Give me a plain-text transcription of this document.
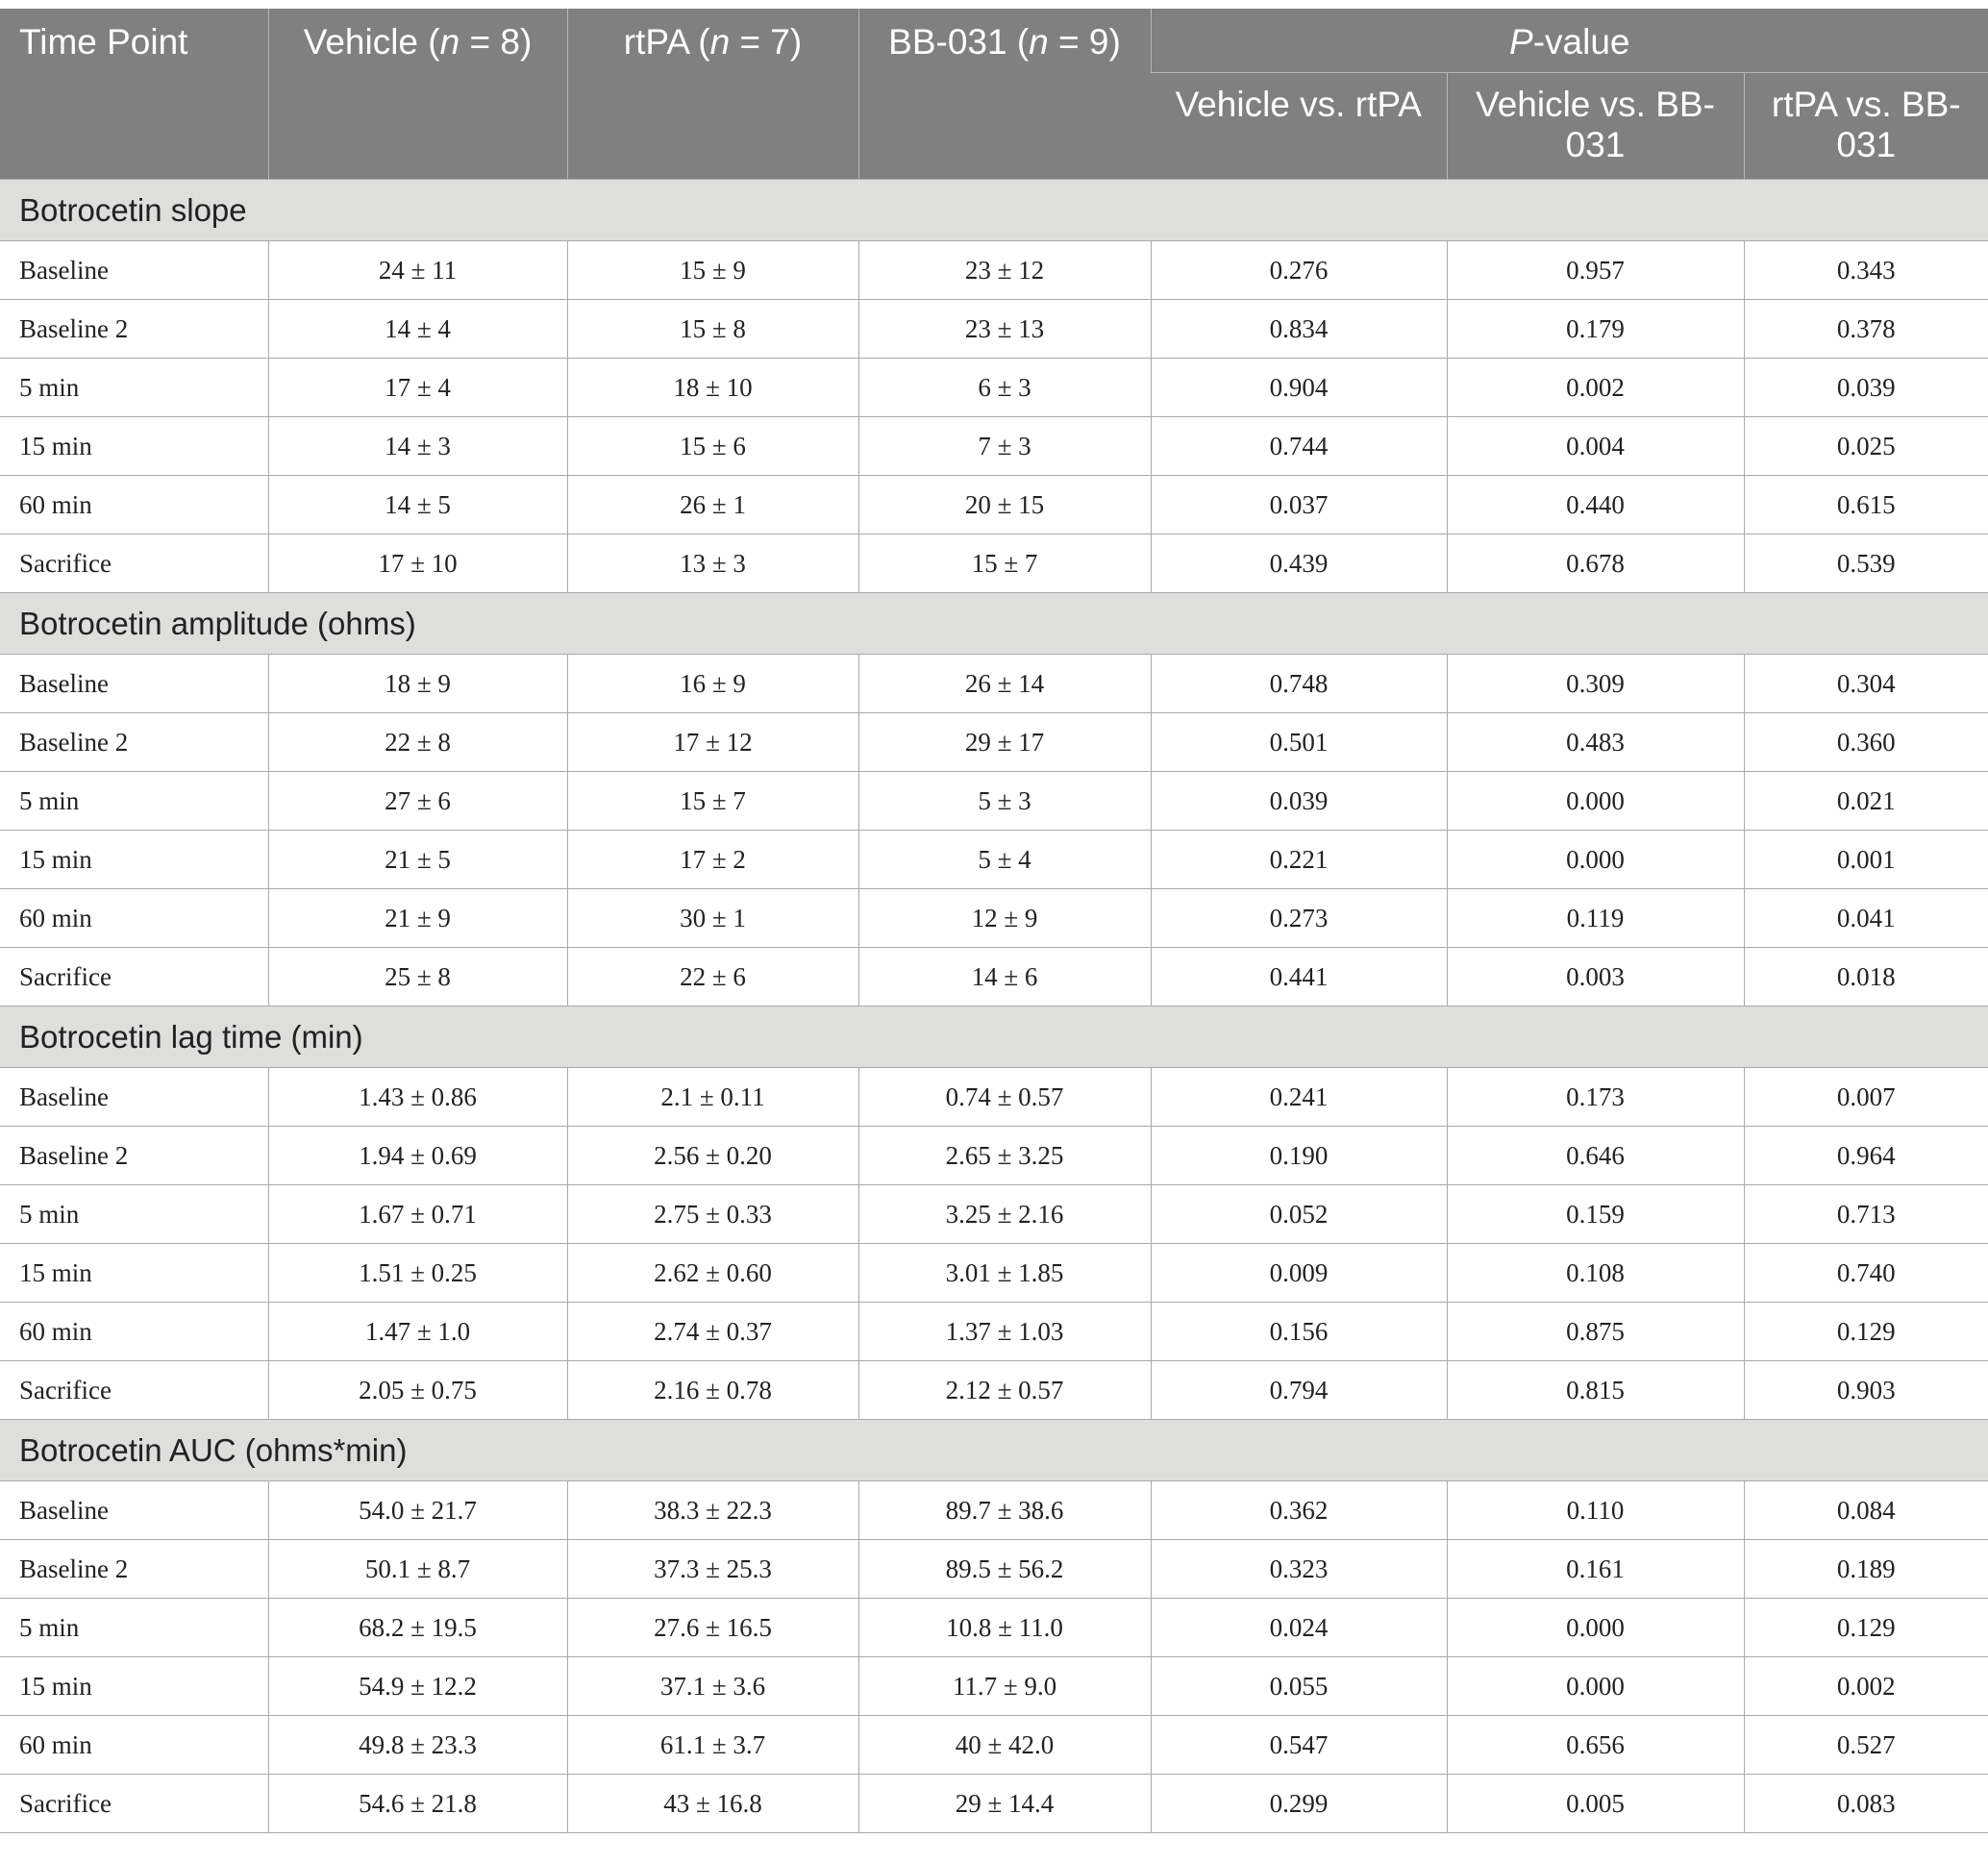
Time Point	Vehicle (n = 8)	rtPA (n = 7)	BB-031 (n = 9)	P-value		
				Vehicle vs. rtPA	Vehicle vs. BB-031	rtPA vs. BB-031
Botrocetin slope						
Baseline	24 ± 11	15 ± 9	23 ± 12	0.276	0.957	0.343
Baseline 2	14 ± 4	15 ± 8	23 ± 13	0.834	0.179	0.378
5 min	17 ± 4	18 ± 10	6 ± 3	0.904	0.002	0.039
15 min	14 ± 3	15 ± 6	7 ± 3	0.744	0.004	0.025
60 min	14 ± 5	26 ± 1	20 ± 15	0.037	0.440	0.615
Sacrifice	17 ± 10	13 ± 3	15 ± 7	0.439	0.678	0.539
Botrocetin amplitude (ohms)						
Baseline	18 ± 9	16 ± 9	26 ± 14	0.748	0.309	0.304
Baseline 2	22 ± 8	17 ± 12	29 ± 17	0.501	0.483	0.360
5 min	27 ± 6	15 ± 7	5 ± 3	0.039	0.000	0.021
15 min	21 ± 5	17 ± 2	5 ± 4	0.221	0.000	0.001
60 min	21 ± 9	30 ± 1	12 ± 9	0.273	0.119	0.041
Sacrifice	25 ± 8	22 ± 6	14 ± 6	0.441	0.003	0.018
Botrocetin lag time (min)						
Baseline	1.43 ± 0.86	2.1 ± 0.11	0.74 ± 0.57	0.241	0.173	0.007
Baseline 2	1.94 ± 0.69	2.56 ± 0.20	2.65 ± 3.25	0.190	0.646	0.964
5 min	1.67 ± 0.71	2.75 ± 0.33	3.25 ± 2.16	0.052	0.159	0.713
15 min	1.51 ± 0.25	2.62 ± 0.60	3.01 ± 1.85	0.009	0.108	0.740
60 min	1.47 ± 1.0	2.74 ± 0.37	1.37 ± 1.03	0.156	0.875	0.129
Sacrifice	2.05 ± 0.75	2.16 ± 0.78	2.12 ± 0.57	0.794	0.815	0.903
Botrocetin AUC (ohms*min)						
Baseline	54.0 ± 21.7	38.3 ± 22.3	89.7 ± 38.6	0.362	0.110	0.084
Baseline 2	50.1 ± 8.7	37.3 ± 25.3	89.5 ± 56.2	0.323	0.161	0.189
5 min	68.2 ± 19.5	27.6 ± 16.5	10.8 ± 11.0	0.024	0.000	0.129
15 min	54.9 ± 12.2	37.1 ± 3.6	11.7 ± 9.0	0.055	0.000	0.002
60 min	49.8 ± 23.3	61.1 ± 3.7	40 ± 42.0	0.547	0.656	0.527
Sacrifice	54.6 ± 21.8	43 ± 16.8	29 ± 14.4	0.299	0.005	0.083
